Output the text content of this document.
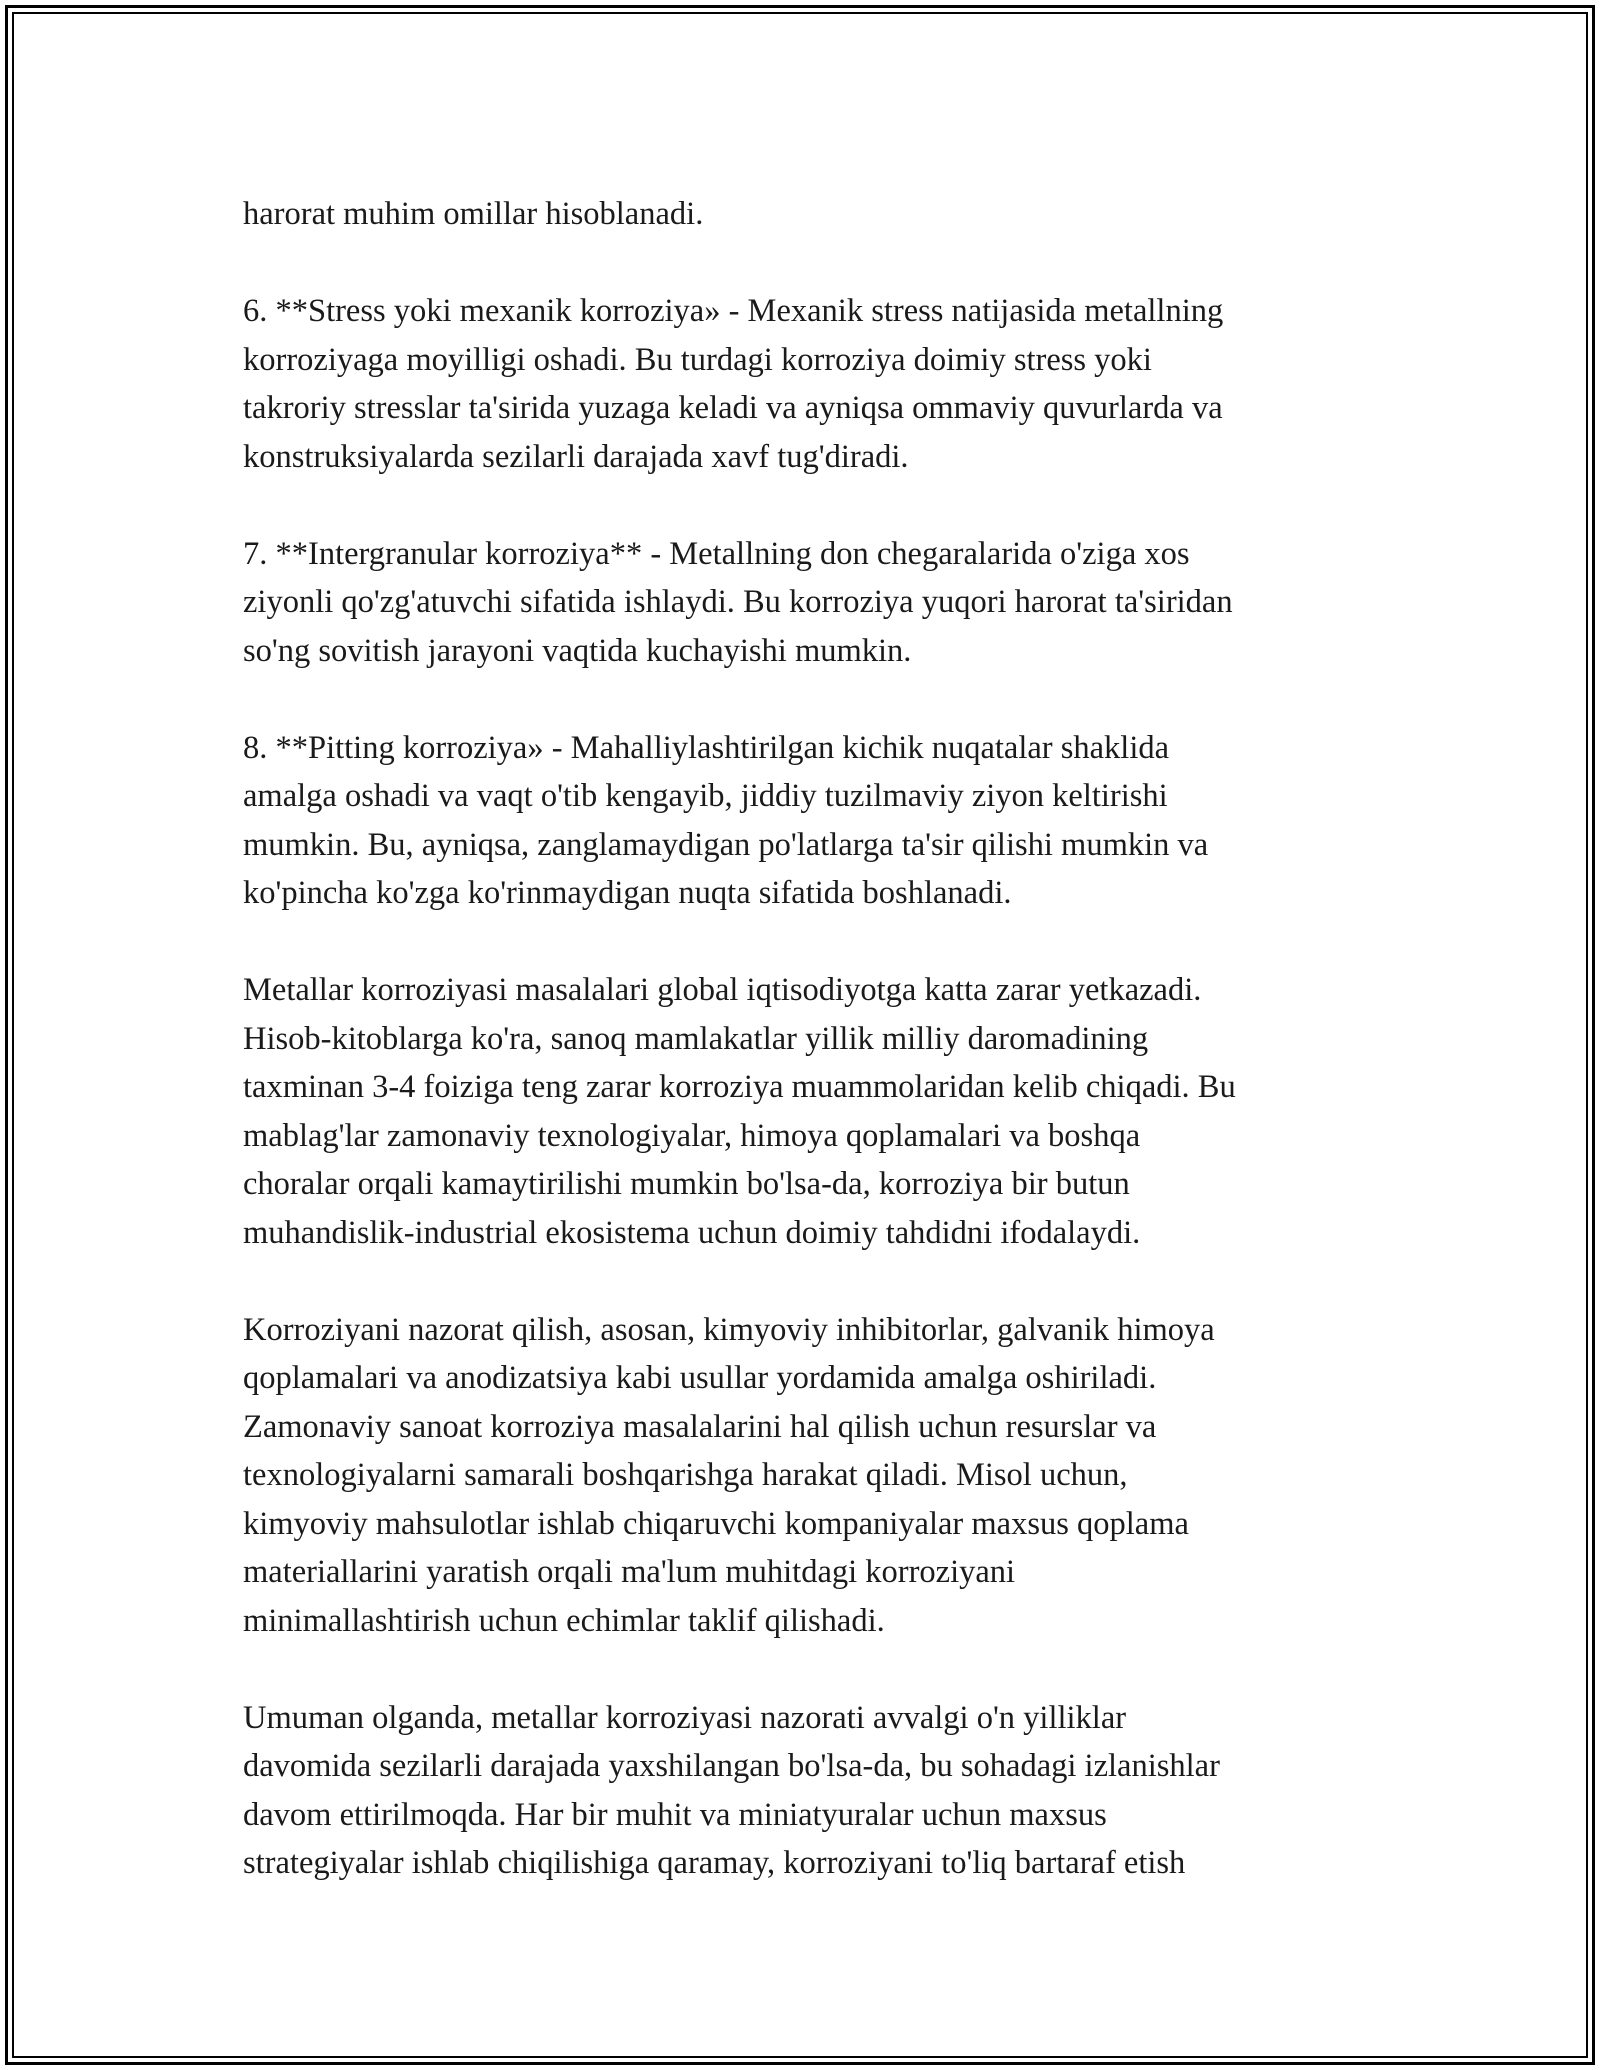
harorat muhim omillar hisoblanadi.
6. **Stress yoki mexanik korroziya» - Mexanik stress natijasida metallning
korroziyaga moyilligi oshadi. Bu turdagi korroziya doimiy stress yoki
takroriy stresslar ta'sirida yuzaga keladi va ayniqsa ommaviy quvurlarda va
konstruksiyalarda sezilarli darajada xavf tug'diradi.
7. **Intergranular korroziya** - Metallning don chegaralarida o'ziga xos
ziyonli qo'zg'atuvchi sifatida ishlaydi. Bu korroziya yuqori harorat ta'siridan
so'ng sovitish jarayoni vaqtida kuchayishi mumkin.
8. **Pitting korroziya» - Mahalliylashtirilgan kichik nuqatalar shaklida
amalga oshadi va vaqt o'tib kengayib, jiddiy tuzilmaviy ziyon keltirishi
mumkin. Bu, ayniqsa, zanglamaydigan po'latlarga ta'sir qilishi mumkin va
ko'pincha ko'zga ko'rinmaydigan nuqta sifatida boshlanadi.
Metallar korroziyasi masalalari global iqtisodiyotga katta zarar yetkazadi.
Hisob-kitoblarga ko'ra, sanoq mamlakatlar yillik milliy daromadining
taxminan 3-4 foiziga teng zarar korroziya muammolaridan kelib chiqadi. Bu
mablag'lar zamonaviy texnologiyalar, himoya qoplamalari va boshqa
choralar orqali kamaytirilishi mumkin bo'lsa-da, korroziya bir butun
muhandislik-industrial ekosistema uchun doimiy tahdidni ifodalaydi.
Korroziyani nazorat qilish, asosan, kimyoviy inhibitorlar, galvanik himoya
qoplamalari va anodizatsiya kabi usullar yordamida amalga oshiriladi.
Zamonaviy sanoat korroziya masalalarini hal qilish uchun resurslar va
texnologiyalarni samarali boshqarishga harakat qiladi. Misol uchun,
kimyoviy mahsulotlar ishlab chiqaruvchi kompaniyalar maxsus qoplama
materiallarini yaratish orqali ma'lum muhitdagi korroziyani
minimallashtirish uchun echimlar taklif qilishadi.
Umuman olganda, metallar korroziyasi nazorati avvalgi o'n yilliklar
davomida sezilarli darajada yaxshilangan bo'lsa-da, bu sohadagi izlanishlar
davom ettirilmoqda. Har bir muhit va miniatyuralar uchun maxsus
strategiyalar ishlab chiqilishiga qaramay, korroziyani to'liq bartaraf etish
